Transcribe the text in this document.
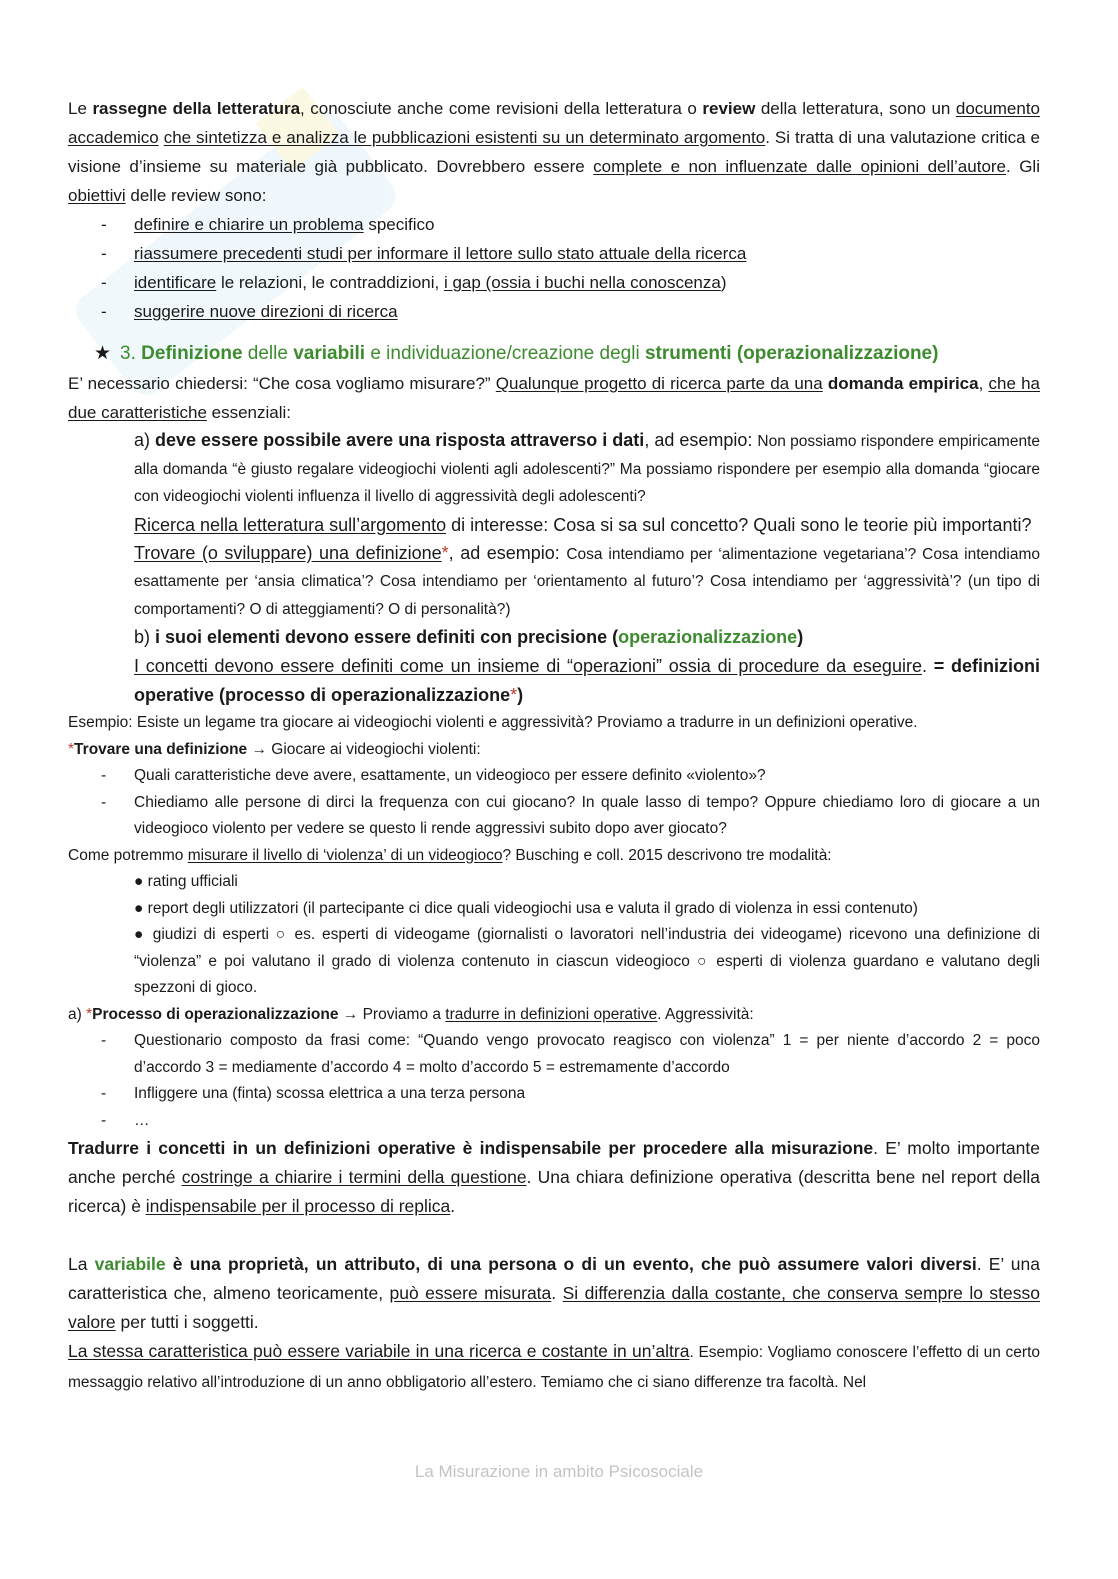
Le rassegne della letteratura, conosciute anche come revisioni della letteratura o review della letteratura, sono un documento accademico che sintetizza e analizza le pubblicazioni esistenti su un determinato argomento. Si tratta di una valutazione critica e visione d’insieme su materiale già pubblicato. Dovrebbero essere complete e non influenzate dalle opinioni dell’autore. Gli obiettivi delle review sono:

- definire e chiarire un problema specifico
- riassumere precedenti studi per informare il lettore sullo stato attuale della ricerca
- identificare le relazioni, le contraddizioni, i gap (ossia i buchi nella conoscenza)
- suggerire nuove direzioni di ricerca

★ 3. Definizione delle variabili e individuazione/creazione degli strumenti (operazionalizzazione)

E’ necessario chiedersi: “Che cosa vogliamo misurare?” Qualunque progetto di ricerca parte da una domanda empirica, che ha due caratteristiche essenziali:

a) deve essere possibile avere una risposta attraverso i dati, ad esempio: Non possiamo rispondere empiricamente alla domanda “è giusto regalare videogiochi violenti agli adolescenti?” Ma possiamo rispondere per esempio alla domanda “giocare con videogiochi violenti influenza il livello di aggressività degli adolescenti?

Ricerca nella letteratura sull’argomento di interesse: Cosa si sa sul concetto? Quali sono le teorie più importanti?

Trovare (o sviluppare) una definizione*, ad esempio: Cosa intendiamo per ‘alimentazione vegetariana’? Cosa intendiamo esattamente per ‘ansia climatica’? Cosa intendiamo per ‘orientamento al futuro’? Cosa intendiamo per ‘aggressività’? (un tipo di comportamenti? O di atteggiamenti? O di personalità?)

b) i suoi elementi devono essere definiti con precisione (operazionalizzazione)

I concetti devono essere definiti come un insieme di “operazioni” ossia di procedure da eseguire. = definizioni operative (processo di operazionalizzazione*)

Esempio: Esiste un legame tra giocare ai videogiochi violenti e aggressività? Proviamo a tradurre in un definizioni operative.

*Trovare una definizione → Giocare ai videogiochi violenti:

- Quali caratteristiche deve avere, esattamente, un videogioco per essere definito «violento»?
- Chiediamo alle persone di dirci la frequenza con cui giocano? In quale lasso di tempo? Oppure chiediamo loro di giocare a un videogioco violento per vedere se questo li rende aggressivi subito dopo aver giocato?

Come potremmo misurare il livello di ‘violenza’ di un videogioco? Busching e coll. 2015 descrivono tre modalità:

● rating ufficiali

● report degli utilizzatori (il partecipante ci dice quali videogiochi usa e valuta il grado di violenza in essi contenuto)

● giudizi di esperti ○ es. esperti di videogame (giornalisti o lavoratori nell’industria dei videogame) ricevono una definizione di “violenza” e poi valutano il grado di violenza contenuto in ciascun videogioco ○ esperti di violenza guardano e valutano degli spezzoni di gioco.

a) *Processo di operazionalizzazione → Proviamo a tradurre in definizioni operative. Aggressività:

- Questionario composto da frasi come: “Quando vengo provocato reagisco con violenza” 1 = per niente d’accordo 2 = poco d’accordo 3 = mediamente d’accordo 4 = molto d’accordo 5 = estremamente d’accordo
- Infliggere una (finta) scossa elettrica a una terza persona
- …

Tradurre i concetti in un definizioni operative è indispensabile per procedere alla misurazione. E’ molto importante anche perché costringe a chiarire i termini della questione. Una chiara definizione operativa (descritta bene nel report della ricerca) è indispensabile per il processo di replica.

La variabile è una proprietà, un attributo, di una persona o di un evento, che può assumere valori diversi. E’ una caratteristica che, almeno teoricamente, può essere misurata. Si differenzia dalla costante, che conserva sempre lo stesso valore per tutti i soggetti.
La stessa caratteristica può essere variabile in una ricerca e costante in un’altra. Esempio: Vogliamo conoscere l’effetto di un certo messaggio relativo all’introduzione di un anno obbligatorio all’estero. Temiamo che ci siano differenze tra facoltà. Nel

La Misurazione in ambito Psicosociale
